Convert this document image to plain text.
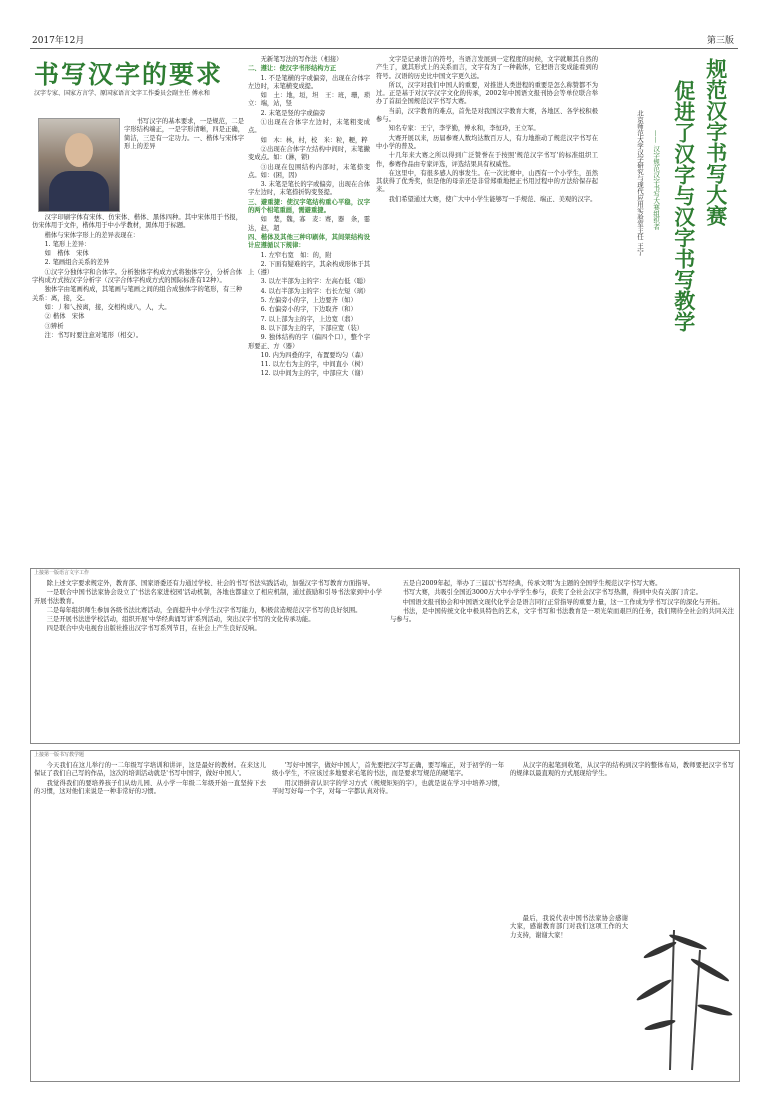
2017年12月	第三版
书写汉字的要求
汉字专家、国家方言学、原国家语言文字工作委员会副主任 傅永和

书写汉字的基本要求，一是规范，二是字形结构端正，一是字形清晰，四是正确，简洁，三是有一定功力。一、楷体与宋体字形上的差异

汉字印刷字体有宋体、仿宋体、楷体、黑体四种。其中宋体用于书报，仿宋体用于文件，楷体用于中小学教材，黑体用于标题。

楷体与宋体字形上的差异表现在：

1. 笔形上差异：

如　楷体　宋体

2. 笔画组合关系的差异

①汉字分独体字和合体字。分析独体字构成方式将独体字分，分析合体字构成方式按汉字分析字（汉字合体字构成方式的国际标准有12种）。

独体字由笔画构成，其笔画与笔画之间的组合成独体字的笔形，有三种关系：离，接，交。

如：丿和乀按离，接，交相构成八，人，大。

② 楷体　宋体

③辨析

注：书写时要注意对笔形（相交）。

无新笔写法的写作法（相接）

二、遵让：使汉字书形结构方正

1. 不是笔横的字或偏旁，出现在合体字左边时，末笔横变成提。

如　土：地，垣，坦　王：班，珊，琐　立：端，站，竖

2. 末笔是竖的字或偏旁

①出现在合体字左边时，末笔粗变成点。

如　木：林，村，校　米：粒，粳，粹

②出现在合体字左结构中间时，末笔撇变成点。如：(淋，锁)

③出现在包围结构内部时，末笔捺变点。如：(困，因)

3. 末笔是笔长的字或偏旁，出现在合体字左边时，末笔捺折钩变竖提。

三、避重捷：使汉字笔结构重心平稳，汉字的两个相笔重画，需避重捷。

如　楚，魏，寡　麦：赛，器　条，霎　达，赵，超

四、楷体及其他三种印刷体，其间架结构设计应遵循以下规律：

1. 左窄右宽　如：的，附

2. 下面有疑难的字，其余构成形体于其上（遵）

3. 以左半部为主的字：左高右低（聪）

4. 以右半部为主的字：右长左短（璃）

5. 左偏旁小的字，上边要齐（如）

6. 右偏旁小的字，下边取齐（和）

7. 以上部为主的字，上边宽（翡）

8. 以下部为主的字，下部应宽（装）

9. 独体结构的字（偏四个口），整个字形要正、方（器）

10. 内为四叠的字，布置要均匀（森）

11. 以左右为主的字，中间直小（树）

12. 以中间为主的字，中部应大（谢）

文字是记录语言的符号，当语言发展到一定程度的时候，文字就顺其自然的产生了，就其形式上的关系而言，文字有为了一种载体，它把语言变成能看到的符号。汉语的历史比中国文字更久远。

所以，汉字对我们中国人的重要，对推进人类进程的重要是怎么称赞都不为过。正是基于对汉字汉字文化的传承，2002年中国语文报刊协会等单位联合举办了首届全国规范汉字书写大赛。

当前，汉字教育的难点，首先是对我国汉字教育大赛，各地区、各学校积极参与。

知名专家：王宁，李学勤，傅永和，李恒玲，王立军。

大赛开展以来，历届参赛人数均达数百万人，有力地推动了规范汉字书写在中小学的普及。

十几年来大赛之所以得到广泛赞誉在于按照'规范汉字书写'的标准组织工作，参赛作品由专家评选，评选结果具有权威性。

在这里中，有很多感人的事发生。在一次比赛中，山西有一个小学生，虽然其获得了优秀奖，但是他的母亲还是非常郑重地把正书用过程中的方法给保存起来。

我们希望通过大赛，使广大中小学生能够写一手规范、端正、美观的汉字。	规范汉字书写大赛
促进了汉字与汉字书写教学
—— 汉字规范汉字书写大赛组织者
北京师范大学汉字研究与现代应用实验室主任 王宁
上接第一版语言文字工作

除上述文字要求规定外，教育部、国家语委还有力通过学校、社会的书写书法实践活动，加强汉字书写教育方面指导。

一是联合中国书法家协会设立了'书法名家进校园'活动机制，各地也都建立了相应机制，通过鼓励和引导书法家到中小学开展书法教育。

二是每年组织师生参加各级书法比赛活动，全面提升中小学生汉字书写能力，积极营造规范汉字书写的良好氛围。

三是开展书法进学校活动，组织开展'中华经典诵写讲'系列活动，突出汉字书写的文化传承功能。

四是联合中央电视台出版社推出汉字书写系列节目，在社会上产生良好反响。

五是自2009年起，举办了三届以'书写经典，传承文明'为主题的全国学生规范汉字书写大赛。

书写大赛，共吸引全国近3000万大中小学学生参与，获奖了全社会汉字书写热潮，得到中央有关部门肯定。

中国语文报刊协会和中国语文现代化学会是语言同行正常指导的重要力量，这一工作成为学书写汉字的深化与开拓。

书法，是中国传统文化中极具特色的艺术，文字书写和书法教育是一项光荣而艰巨的任务，我们期待全社会的共同关注与参与。

上接第一版书写教学题

今天我们在这儿举行的一二年级写字培训和讲评，这是最好的教材。在来这儿保证了我们自己写的作品，这次的培训活动就是'书写中国字，做好中国人'。

我觉得我们的要培养孩子们从幼儿园、从小学一年级二年级开始一直坚持下去的习惯，这对他们来说是一种非常好的习惯。

'写好中国字，做好中国人'，首先要把汉字写正确，要写端正，对于初学的一年级小学生，不应该过多地要求毛笔的书法，而是要求写规范的硬笔字。

用汉语拼音认识字的学习方式（规规矩矩的字），也就是说在学习中培养习惯，平时写好每一个字，对每一字都认真对待。

从汉字的起笔到收笔，从汉字的结构到汉字的整体布局，教师要把汉字书写的规律以最直观的方式展现给学生。

最后，我说代表中国书法家协会感谢大家，感谢教育部门对我们这项工作的大力支持，谢谢大家！
